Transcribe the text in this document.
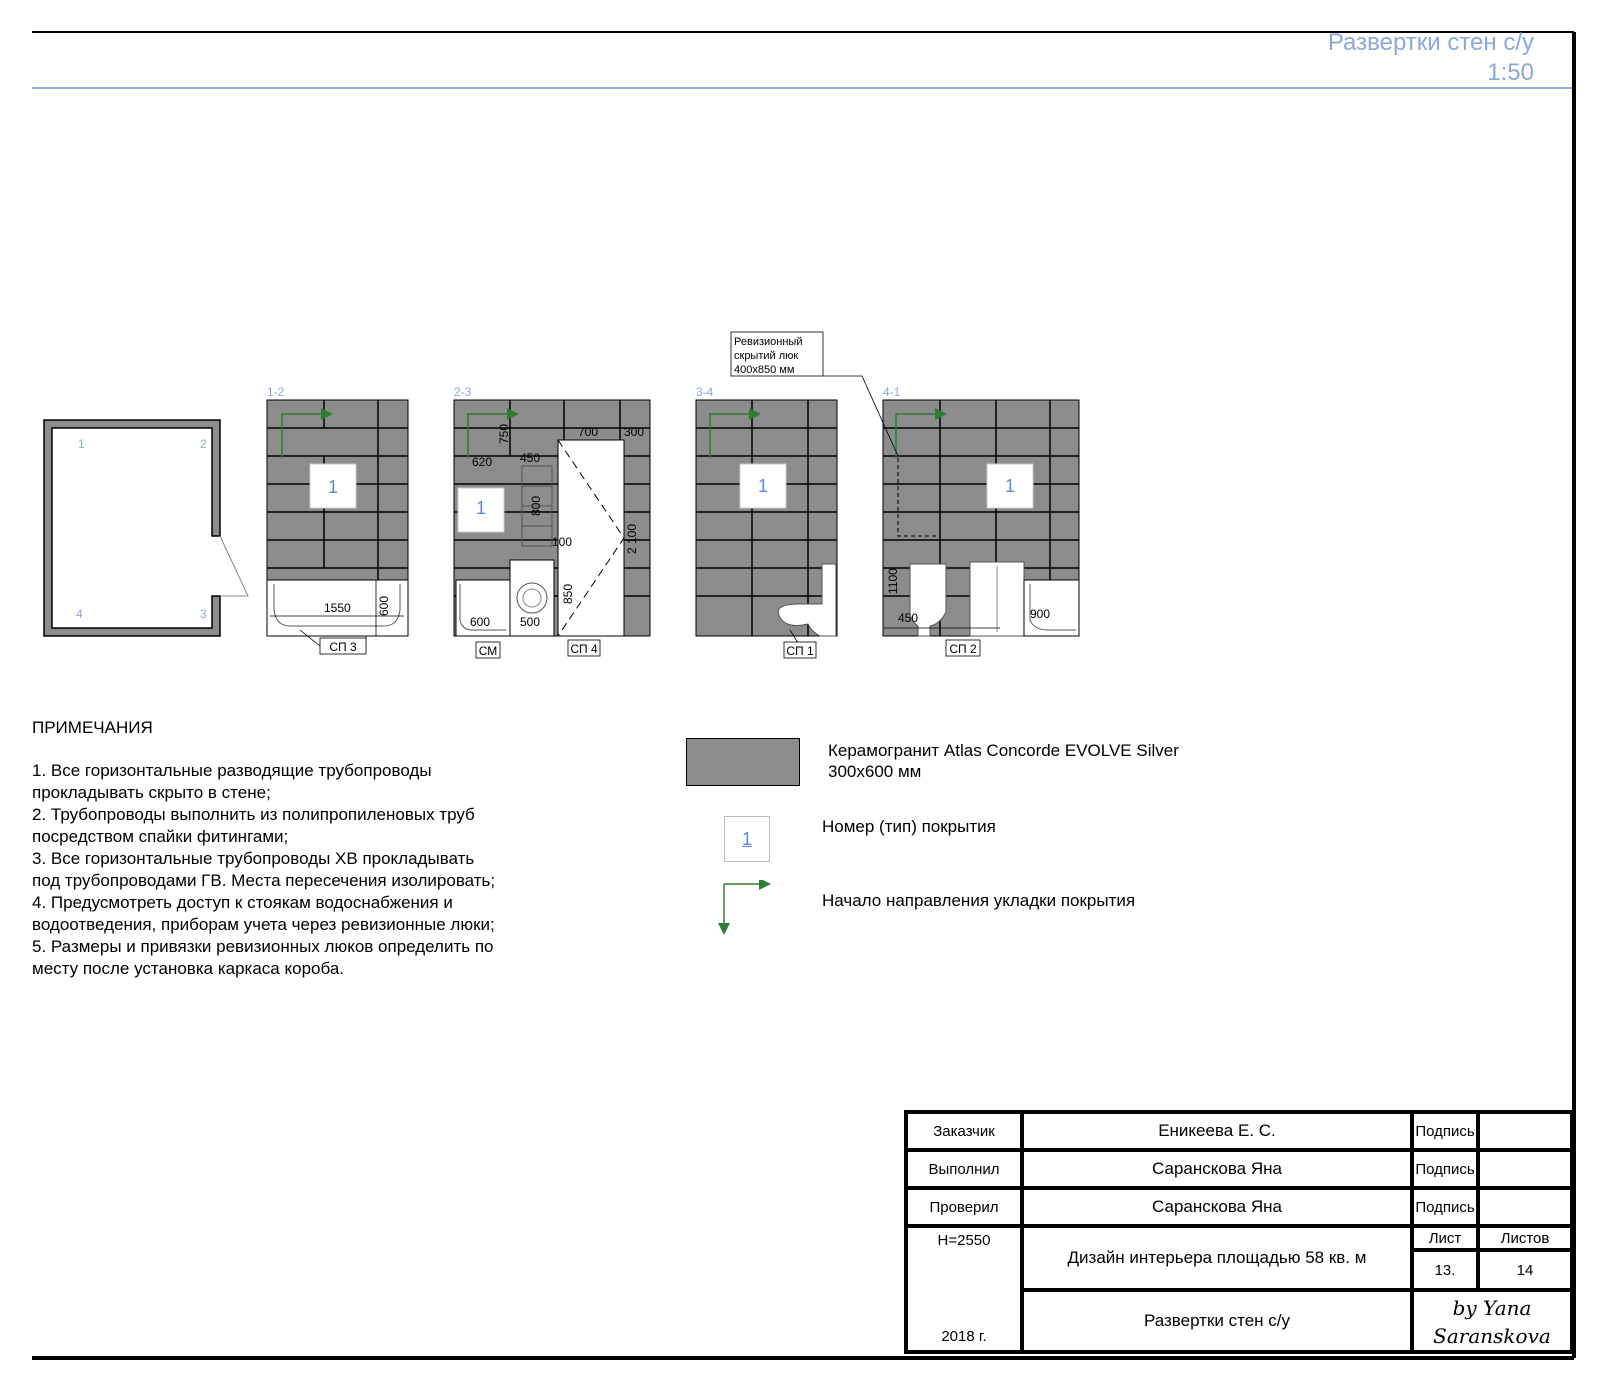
Развертки стен с/у
1:50
1	2
3
4
1-2
1
1550 600
СП 3
2-3
1
620 450
750
800
100
700 300
2 100
850
600 500
СМ	СП 4
3-4
1
СП 1
4-1
1
1100
450	900
СП 2
Ревизионный
скрытий люк
400x850 мм
ПРИМЕЧАНИЯ
1. Все горизонтальные разводящие трубопроводы
прокладывать скрыто в стене;
2. Трубопроводы выполнить из полипропиленовых труб
посредством спайки фитингами;
3. Все горизонтальные трубопроводы ХВ прокладывать
под трубопроводами ГВ. Места пересечения изолировать;
4. Предусмотреть доступ к стоякам водоснабжения и
водоотведения, приборам учета через ревизионные люки;
5. Размеры и привязки ревизионных люков определить по
месту после установка каркаса короба.
Керамогранит Atlas Concorde EVOLVE Silver
300x600 мм
1
Номер (тип) покрытия
Начало направления укладки покрытия
Заказчик	Еникеева Е. С.	Подпись
Выполнил	Саранскова Яна	Подпись
Проверил	Саранскова Яна	Подпись
H=2550
2018 г.
Дизайн интерьера площадью 58 кв. м
Развертки стен с/у
Лист	Листов
13.	14
by Yana
Saranskova
